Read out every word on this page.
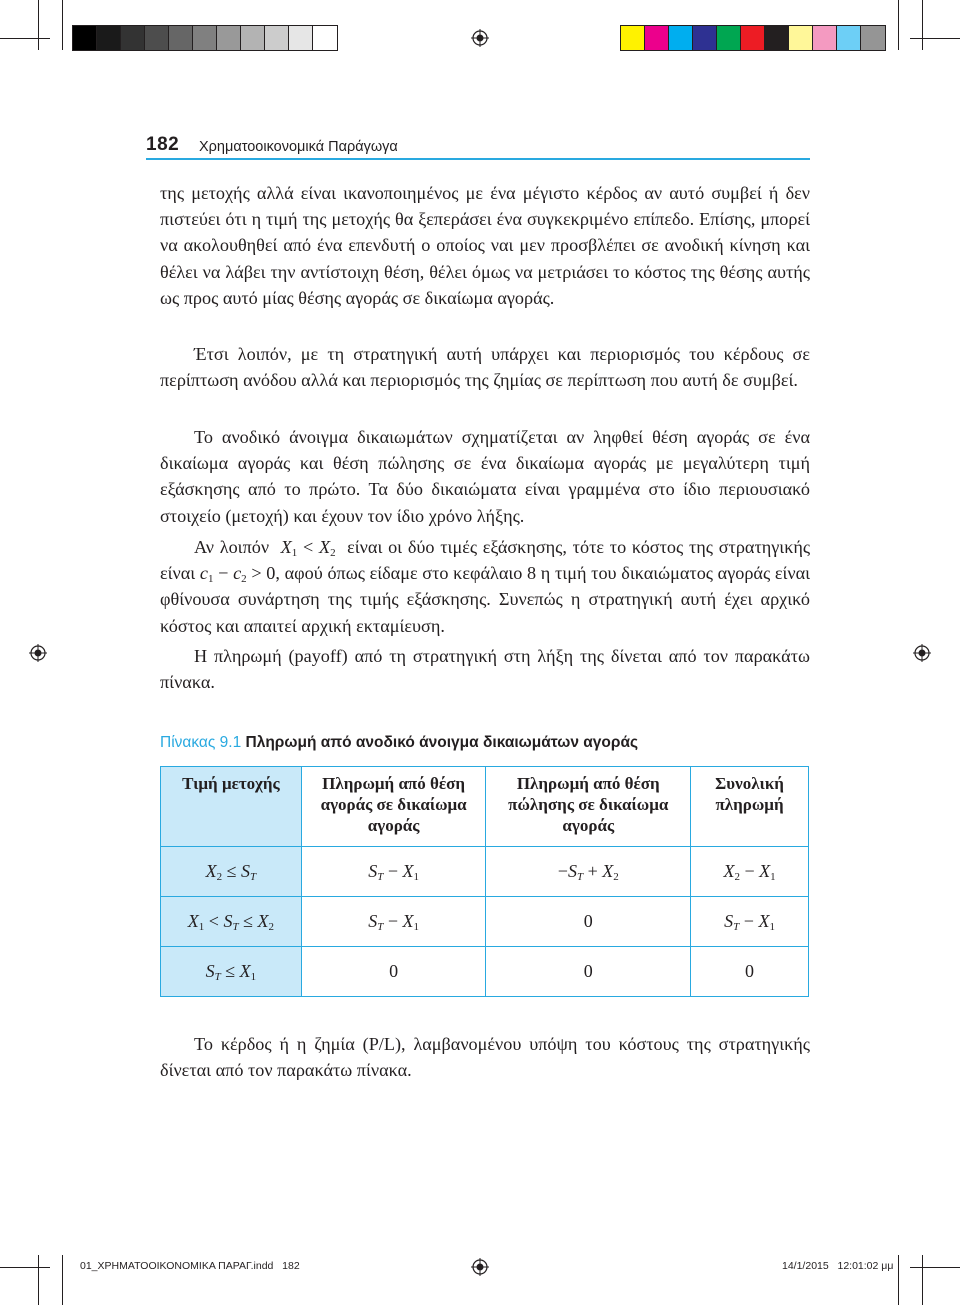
182 Χρηματοοικονομικά Παράγωγα

της μετοχής αλλά είναι ικανοποιημένος με ένα μέγιστο κέρδος αν αυτό συμβεί ή δεν πιστεύει ότι η τιμή της μετοχής θα ξεπεράσει ένα συγκεκριμένο επίπεδο. Επίσης, μπορεί να ακολουθηθεί από ένα επενδυτή ο οποίος ναι μεν προσβλέπει σε ανοδική κίνηση και θέλει να λάβει την αντίστοιχη θέση, θέλει όμως να μετριάσει το κόστος της θέσης αυτής ως προς αυτό μίας θέσης αγοράς σε δικαίωμα αγοράς.

Έτσι λοιπόν, με τη στρατηγική αυτή υπάρχει και περιορισμός του κέρδους σε περίπτωση ανόδου αλλά και περιορισμός της ζημίας σε περίπτωση που αυτή δε συμβεί.

Το ανοδικό άνοιγμα δικαιωμάτων σχηματίζεται αν ληφθεί θέση αγοράς σε ένα δικαίωμα αγοράς και θέση πώλησης σε ένα δικαίωμα αγοράς με μεγαλύτερη τιμή εξάσκησης από το πρώτο. Τα δύο δικαιώματα είναι γραμμένα στο ίδιο περιουσιακό στοιχείο (μετοχή) και έχουν τον ίδιο χρόνο λήξης.

Αν λοιπόν $X_1 < X_2$ είναι οι δύο τιμές εξάσκησης, τότε το κόστος της στρατηγικής είναι $c_1 - c_2 > 0$, αφού όπως είδαμε στο κεφάλαιο 8 η τιμή του δικαιώματος αγοράς είναι φθίνουσα συνάρτηση της τιμής εξάσκησης. Συνεπώς η στρατηγική αυτή έχει αρχικό κόστος και απαιτεί αρχική εκταμίευση.

Η πληρωμή (payoff) από τη στρατηγική στη λήξη της δίνεται από τον παρακάτω πίνακα.

Πίνακας 9.1 Πληρωμή από ανοδικό άνοιγμα δικαιωμάτων αγοράς
Τιμή μετοχής	Πληρωμή από θέση αγοράς σε δικαίωμα αγοράς	Πληρωμή από θέση πώλησης σε δικαίωμα αγοράς	Συνολική πληρωμή
$X_2 \le S_T$	$S_T - X_1$	$-S_T + X_2$	$X_2 - X_1$
$X_1 < S_T \le X_2$	$S_T - X_1$	0	$S_T - X_1$
$S_T \le X_1$	0	0	0

Το κέρδος ή η ζημία (P/L), λαμβανομένου υπόψη του κόστους της στρατηγικής δίνεται από τον παρακάτω πίνακα.

01_ΧΡΗΜΑΤΟΟΙΚΟΝΟΜΙΚΑ ΠΑΡΑΓ.indd 182	14/1/2015 12:01:02 μμ
